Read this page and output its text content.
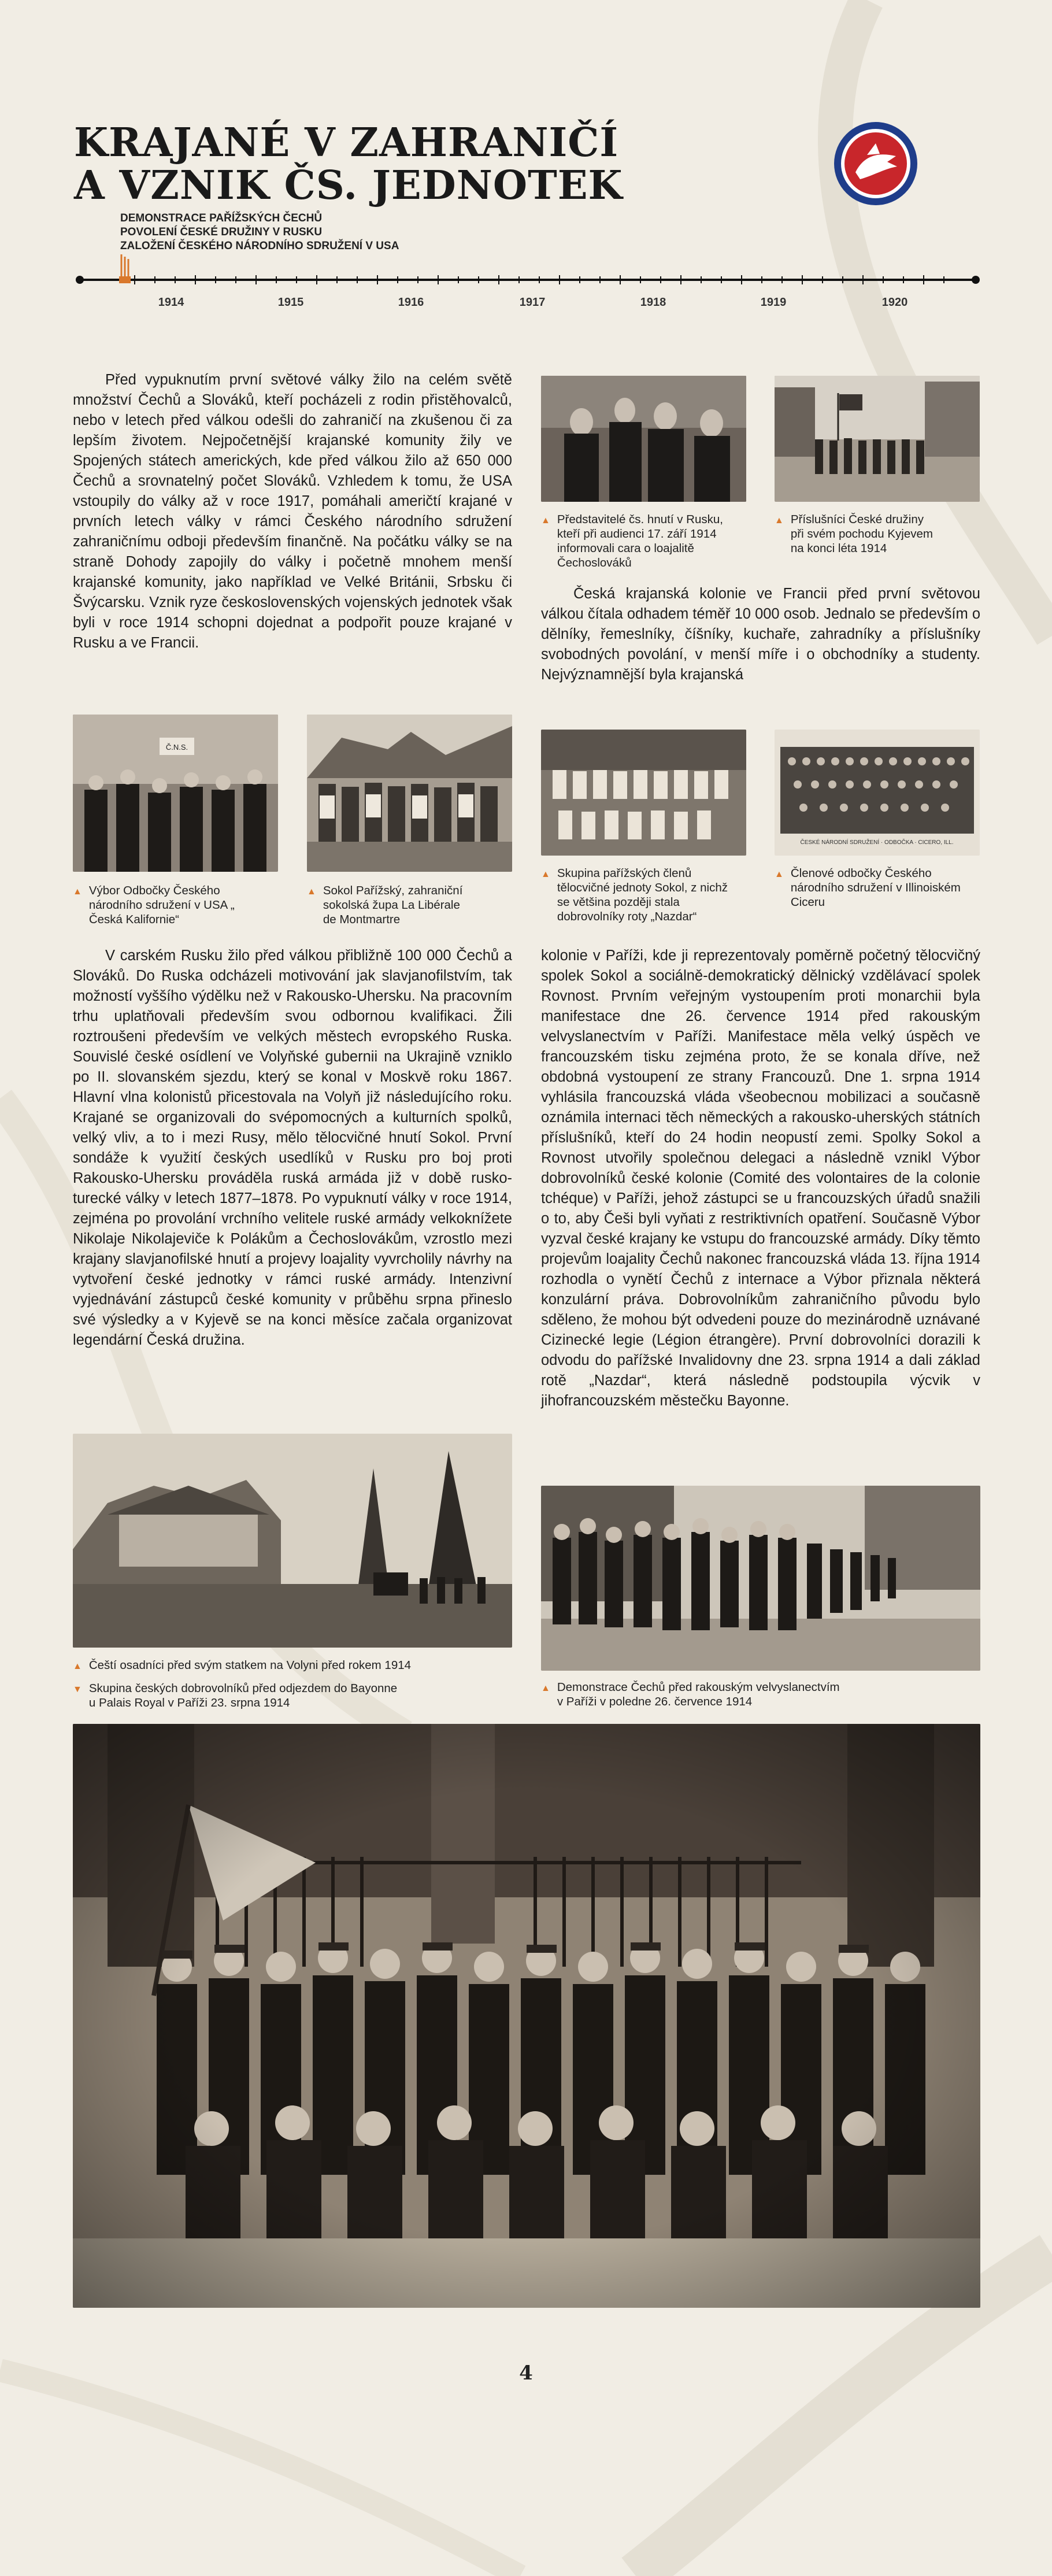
KRAJANÉ V ZAHRANIČÍ
A VZNIK ČS. JEDNOTEK
DEMONSTRACE PAŘÍŽSKÝCH ČECHŮ
POVOLENÍ ČESKÉ DRUŽINY V RUSKU
ZALOŽENÍ ČESKÉHO NÁRODNÍHO SDRUŽENÍ V USA
1914	1915	1916	1917	1918	1919	1920

Před vypuknutím první světové války žilo na celém světě množství Čechů a Slováků, kteří pocházeli z rodin přistěhovalců, nebo v letech před válkou odešli do zahraničí na zkušenou či za lepším životem. Nejpočetnější krajanské komunity žily ve Spojených státech amerických, kde před válkou žilo až 650 000 Čechů a srovnatelný počet Slováků. Vzhledem k tomu, že USA vstoupily do války až v roce 1917, pomáhali američtí krajané v prvních letech války v rámci Českého národního sdružení zahraničnímu odboji především finančně. Na počátku války se na straně Dohody zapojily do války i početně mnohem menší krajanské komunity, jako například ve Velké Británii, Srbsku či Švýcarsku. Vznik ryze československých vojenských jednotek však byli v roce 1914 schopni dojednat a podpořit pouze krajané v Rusku a ve Francii.

▲ Představitelé čs. hnutí v Rusku,
kteří při audienci 17. září 1914
informovali cara o loajalitě
Čechoslováků
▲ Příslušníci České družiny
při svém pochodu Kyjevem
na konci léta 1914

Česká krajanská kolonie ve Francii před první světovou válkou čítala odhadem téměř 10 000 osob. Jednalo se především o dělníky, řemeslníky, číšníky, kuchaře, zahradníky a příslušníky svobodných povolání, v menší míře i o obchodníky a studenty. Nejvýznamnější byla krajanská

Č.N.S.
▲ Výbor Odbočky Českého
národního sdružení v USA „
Česká Kalifornie“
▲ Sokol Pařížský, zahraniční
sokolská župa La Libérale
de Montmartre
▲ Skupina pařížských členů
tělocvičné jednoty Sokol, z nichž
se většina později stala
dobrovolníky roty „Nazdar“
ČESKÉ NÁRODNÍ SDRUŽENÍ · ODBOČKA · CICERO, ILL.
▲ Členové odbočky Českého
národního sdružení v Illinoiském
Ciceru

V carském Rusku žilo před válkou přibližně 100 000 Čechů a Slováků. Do Ruska odcházeli motivování jak slavjanofilstvím, tak možností vyššího výdělku než v Rakousko-Uhersku. Na pracovním trhu uplatňovali především svou odbornou kvalifikaci. Žili roztroušeni především ve velkých městech evropského Ruska. Souvislé české osídlení ve Volyňské gubernii na Ukrajině vzniklo po II. slovanském sjezdu, který se konal v Moskvě roku 1867. Hlavní vlna kolonistů přicestovala na Volyň již následujícího roku. Krajané se organizovali do svépomocných a kulturních spolků, velký vliv, a to i mezi Rusy, mělo tělocvičné hnutí Sokol. První sondáže k využití českých usedlíků v Rusku pro boj proti Rakousko-Uhersku prováděla ruská armáda již v době rusko-turecké války v letech 1877–1878. Po vypuknutí války v roce 1914, zejména po provolání vrchního velitele ruské armády velkoknížete Nikolaje Nikolajeviče k Polákům a Čechoslovákům, vzrostlo mezi krajany slavjanofilské hnutí a projevy loajality vyvrcholily návrhy na vytvoření české jednotky v rámci ruské armády. Intenzivní vyjednávání zástupců české komunity v průběhu srpna přineslo své výsledky a v Kyjevě se na konci měsíce začala organizovat legendární Česká družina.

kolonie v Paříži, kde ji reprezentovaly poměrně početný tělocvičný spolek Sokol a sociálně-demokratický dělnický vzdělávací spolek Rovnost. Prvním veřejným vystoupením proti monarchii byla manifestace dne 26. července 1914 před rakouským velvyslanectvím v Paříži. Manifestace měla velký úspěch ve francouzském tisku zejména proto, že se konala dříve, než obdobná vystoupení ze strany Francouzů. Dne 1. srpna 1914 vyhlásila francouzská vláda všeobecnou mobilizaci a současně oznámila internaci těch německých a rakousko-uherských státních příslušníků, kteří do 24 hodin neopustí zemi. Spolky Sokol a Rovnost utvořily společnou delegaci a následně vznikl Výbor dobrovolníků české kolonie (Comité des volontaires de la colonie tchéque) v Paříži, jehož zástupci se u francouzských úřadů snažili o to, aby Češi byli vyňati z restriktivních opatření. Současně Výbor vyzval české krajany ke vstupu do francouzské armády. Díky těmto projevům loajality Čechů nakonec francouzská vláda 13. října 1914 rozhodla o vynětí Čechů z internace a Výbor přiznala některá konzulární práva. Dobrovolníkům zahraničního původu bylo sděleno, že mohou být odvedeni pouze do mezinárodně uznávané Cizinecké legie (Légion étrangère). První dobrovolníci dorazili k odvodu do pařížské Invalidovny dne 23. srpna 1914 a dali základ rotě „Nazdar“, která následně podstoupila výcvik v jihofrancouzském městečku Bayonne.

▲ Čeští osadníci před svým statkem na Volyni před rokem 1914
▼ Skupina českých dobrovolníků před odjezdem do Bayonne
u Palais Royal v Paříži 23. srpna 1914
▲ Demonstrace Čechů před rakouským velvyslanectvím
v Paříži v poledne 26. července 1914
4
